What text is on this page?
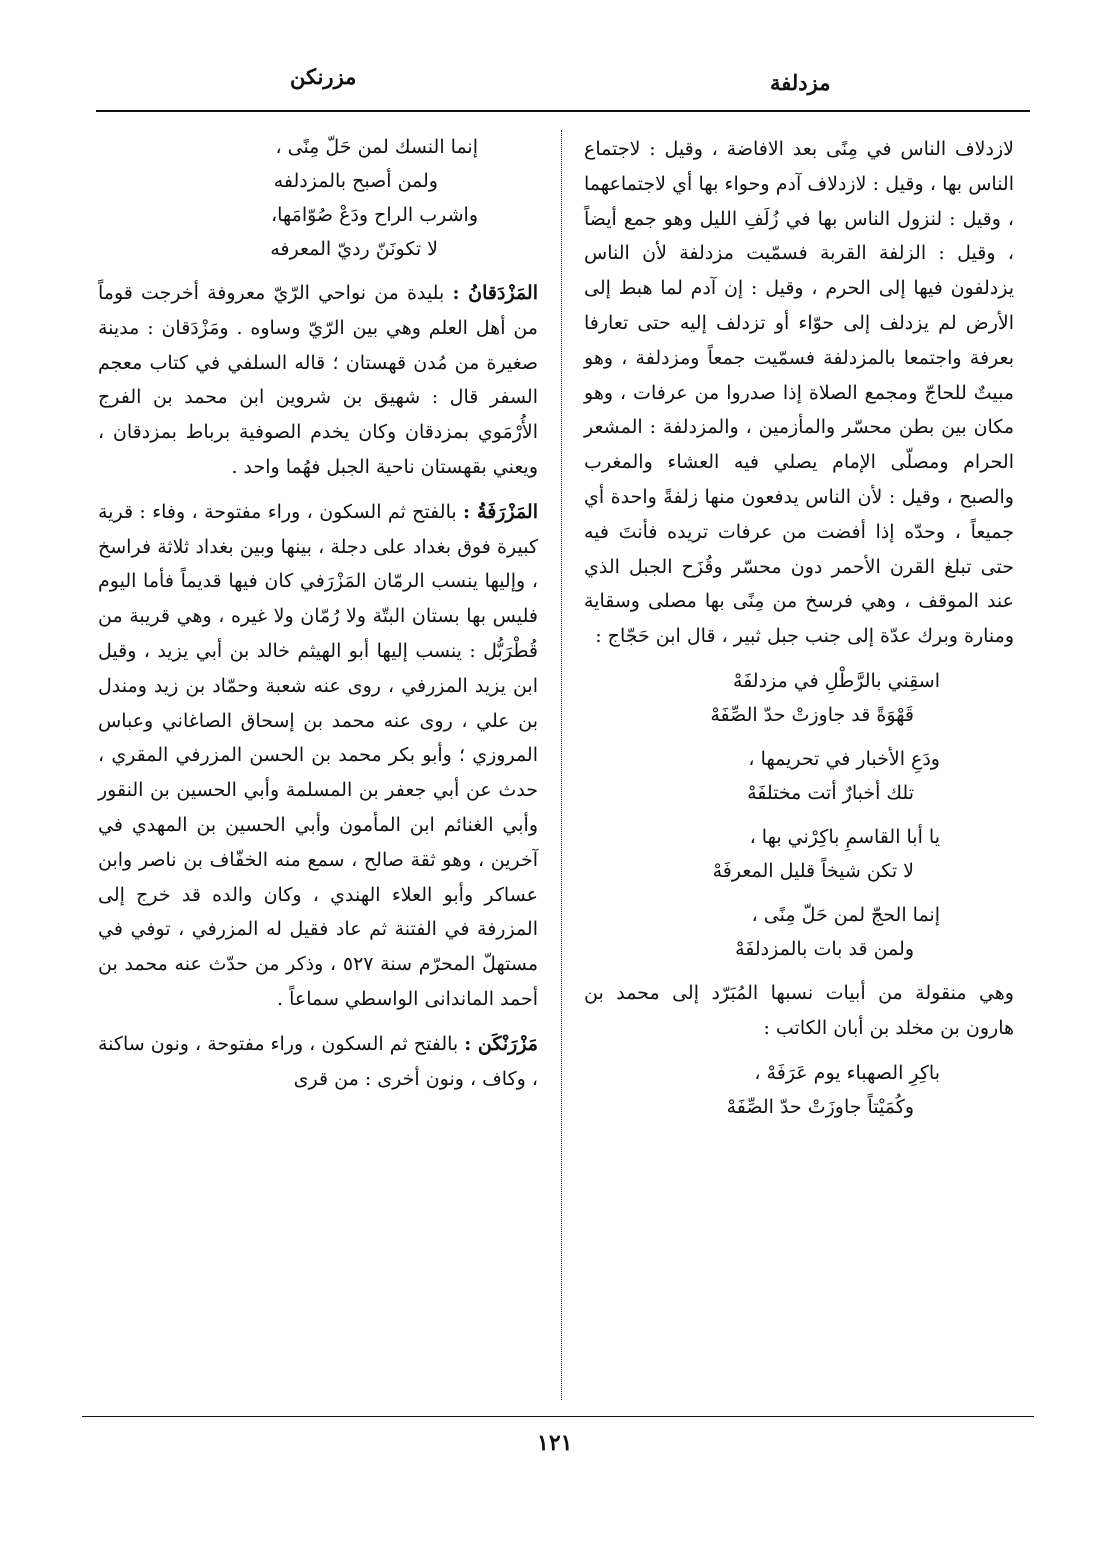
مزرنكن	مزدلفة

لازدلاف الناس في مِنًى بعد الافاضة ، وقيل : لاجتماع الناس بها ، وقيل : لازدلاف آدم وحواء بها أي لاجتماعهما ، وقيل : لنزول الناس بها في زُلَفِ الليل وهو جمع أيضاً ، وقيل : الزلفة القربة فسمّيت مزدلفة لأن الناس يزدلفون فيها إلى الحرم ، وقيل : إن آدم لما هبط إلى الأرض لم يزدلف إلى حوّاء أو تزدلف إليه حتى تعارفا بعرفة واجتمعا بالمزدلفة فسمّيت جمعاً ومزدلفة ، وهو مبيتٌ للحاجّ ومجمع الصلاة إذا صدروا من عرفات ، وهو مكان بين بطن محسّر والمأزمين ، والمزدلفة : المشعر الحرام ومصلّى الإمام يصلي فيه العشاء والمغرب والصبح ، وقيل : لأن الناس يدفعون منها زلفةً واحدة أي جميعاً ، وحدّه إذا أفضت من عرفات تريده فأنتَ فيه حتى تبلغ القرن الأحمر دون محسّر وقُزَح الجبل الذي عند الموقف ، وهي فرسخ من مِنًى بها مصلى وسقاية ومنارة وبرك عدّة إلى جنب جبل ثبير ، قال ابن حَجّاج :

اسقِني بالرَّطْلِ في مزدلفَهْ
قَهْوَةً قد جاوزتْ حدّ الصِّفَهْ
ودَعِ الأخبار في تحريمها ،
تلك أخبارٌ أتت مختلفَهْ
يا أبا القاسمِ باكِرْني بها ،
لا تكن شيخاً قليل المعرفَهْ
إنما الحجّ لمن حَلّ مِنًى ،
ولمن قد بات بالمزدلفَهْ

وهي منقولة من أبيات نسبها المُبَرّد إلى محمد بن هارون بن مخلد بن أبان الكاتب :

باكِرِ الصهباء يوم عَرَفَهْ ،
وكُمَيْتاً جاوزَتْ حدّ الصِّفَهْ
إنما النسك لمن حَلّ مِنًى ،
ولمن أصبح بالمزدلفه
واشرب الراح ودَعْ صُوّامَها،
لا تكونَنّ رديّ المعرفه

المَزْدَقانُ : بليدة من نواحي الرّيّ معروفة أخرجت قوماً من أهل العلم وهي بين الرّيّ وساوه . ومَزْدَقان : مدينة صغيرة من مُدن قهستان ؛ قاله السلفي في كتاب معجم السفر قال : شهيق بن شروين ابن محمد بن الفرج الأُرْمَوي بمزدقان وكان يخدم الصوفية برباط بمزدقان ، ويعني بقهستان ناحية الجبل فهُما واحد .

المَزْرَفَةُ : بالفتح ثم السكون ، وراء مفتوحة ، وفاء : قرية كبيرة فوق بغداد على دجلة ، بينها وبين بغداد ثلاثة فراسخ ، وإليها ينسب الرمّان المَزْرَفي كان فيها قديماً فأما اليوم فليس بها بستان البتّة ولا رُمّان ولا غيره ، وهي قريبة من قُطْرَبُّل : ينسب إليها أبو الهيثم خالد بن أبي يزيد ، وقيل ابن يزيد المزرفي ، روى عنه شعبة وحمّاد بن زيد ومندل بن علي ، روى عنه محمد بن إسحاق الصاغاني وعباس المروزي ؛ وأبو بكر محمد بن الحسن المزرفي المقري ، حدث عن أبي جعفر بن المسلمة وأبي الحسين بن النقور وأبي الغنائم ابن المأمون وأبي الحسين بن المهدي في آخرين ، وهو ثقة صالح ، سمع منه الخفّاف بن ناصر وابن عساكر وأبو العلاء الهندي ، وكان والده قد خرج إلى المزرفة في الفتنة ثم عاد فقيل له المزرفي ، توفي في مستهلّ المحرّم سنة ٥٢٧ ، وذكر من حدّث عنه محمد بن أحمد الماندانی الواسطي سماعاً .

مَزْرَنْكَن : بالفتح ثم السكون ، وراء مفتوحة ، ونون ساكنة ، وكاف ، ونون أخرى : من قرى

١٢١
